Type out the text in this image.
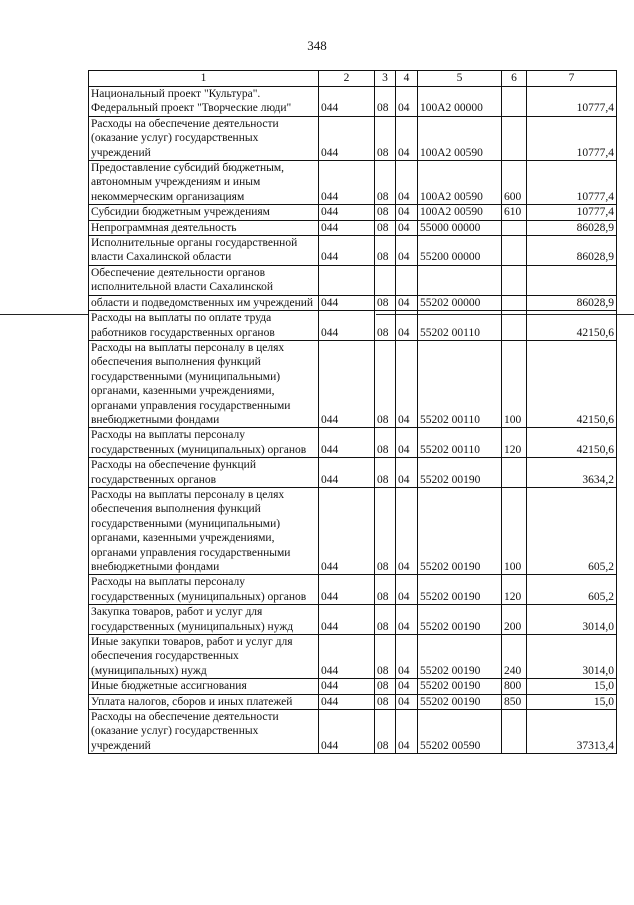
348
1	2	3	4	5	6	7
Национальный проект "Культура". Федеральный проект "Творческие люди"	044	08	04	100А2 00000		10777,4
Расходы на обеспечение деятельности (оказание услуг) государственных учреждений	044	08	04	100А2 00590		10777,4
Предоставление субсидий бюджетным, автономным учреждениям и иным некоммерческим организациям	044	08	04	100А2 00590	600	10777,4
Субсидии бюджетным учреждениям	044	08	04	100А2 00590	610	10777,4
Непрограммная деятельность	044	08	04	55000 00000		86028,9
Исполнительные органы государственной власти Сахалинской области	044	08	04	55200 00000		86028,9
Обеспечение деятельности органов исполнительной власти Сахалинской						
области и подведомственных им учреждений	044	08	04	55202 00000		86028,9
Расходы на выплаты по оплате труда работников государственных органов	044	08	04	55202 00110		42150,6
Расходы на выплаты персоналу в целях обеспечения выполнения функций государственными (муниципальными) органами, казенными учреждениями, органами управления государственными внебюджетными фондами	044	08	04	55202 00110	100	42150,6
Расходы на выплаты персоналу государственных (муниципальных) органов	044	08	04	55202 00110	120	42150,6
Расходы на обеспечение функций государственных органов	044	08	04	55202 00190		3634,2
Расходы на выплаты персоналу в целях обеспечения выполнения функций государственными (муниципальными) органами, казенными учреждениями, органами управления государственными внебюджетными фондами	044	08	04	55202 00190	100	605,2
Расходы на выплаты персоналу государственных (муниципальных) органов	044	08	04	55202 00190	120	605,2
Закупка товаров, работ и услуг для государственных (муниципальных) нужд	044	08	04	55202 00190	200	3014,0
Иные закупки товаров, работ и услуг для обеспечения государственных (муниципальных) нужд	044	08	04	55202 00190	240	3014,0
Иные бюджетные ассигнования	044	08	04	55202 00190	800	15,0
Уплата налогов, сборов и иных платежей	044	08	04	55202 00190	850	15,0
Расходы на обеспечение деятельности (оказание услуг) государственных учреждений	044	08	04	55202 00590		37313,4
